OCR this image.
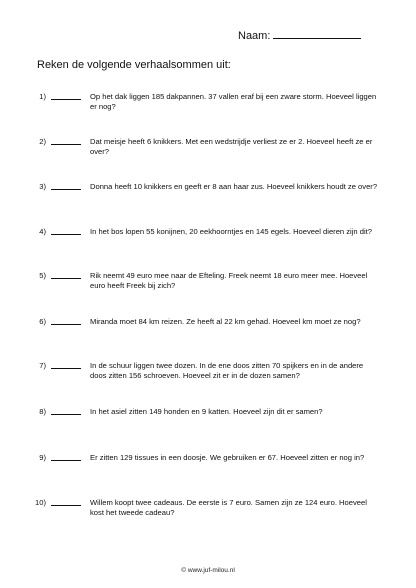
Naam:
Reken de volgende verhaalsommen uit:
1)	Op het dak liggen 185 dakpannen. 37 vallen eraf bij een zware storm. Hoeveel liggen er nog?
2)	Dat meisje heeft 6 knikkers. Met een wedstrijdje verliest ze er 2. Hoeveel heeft ze er over?
3)	Donna heeft 10 knikkers en geeft er 8 aan haar zus. Hoeveel knikkers houdt ze over?
4)	In het bos lopen 55 konijnen, 20 eekhoorntjes en 145 egels. Hoeveel dieren zijn dit?
5)	Rik neemt 49 euro mee naar de Efteling. Freek neemt 18 euro meer mee. Hoeveel euro heeft Freek bij zich?
6)	Miranda moet 84 km reizen. Ze heeft al 22 km gehad. Hoeveel km moet ze nog?
7)	In de schuur liggen twee dozen. In de ene doos zitten 70 spijkers en in de andere doos zitten 156 schroeven. Hoeveel zit er in de dozen samen?
8)	In het asiel zitten 149 honden en 9 katten. Hoeveel zijn dit er samen?
9)	Er zitten 129 tissues in een doosje. We gebruiken er 67. Hoeveel zitten er nog in?
10)	Willem koopt twee cadeaus. De eerste is 7 euro. Samen zijn ze 124 euro. Hoeveel kost het tweede cadeau?
© www.juf-milou.nl
